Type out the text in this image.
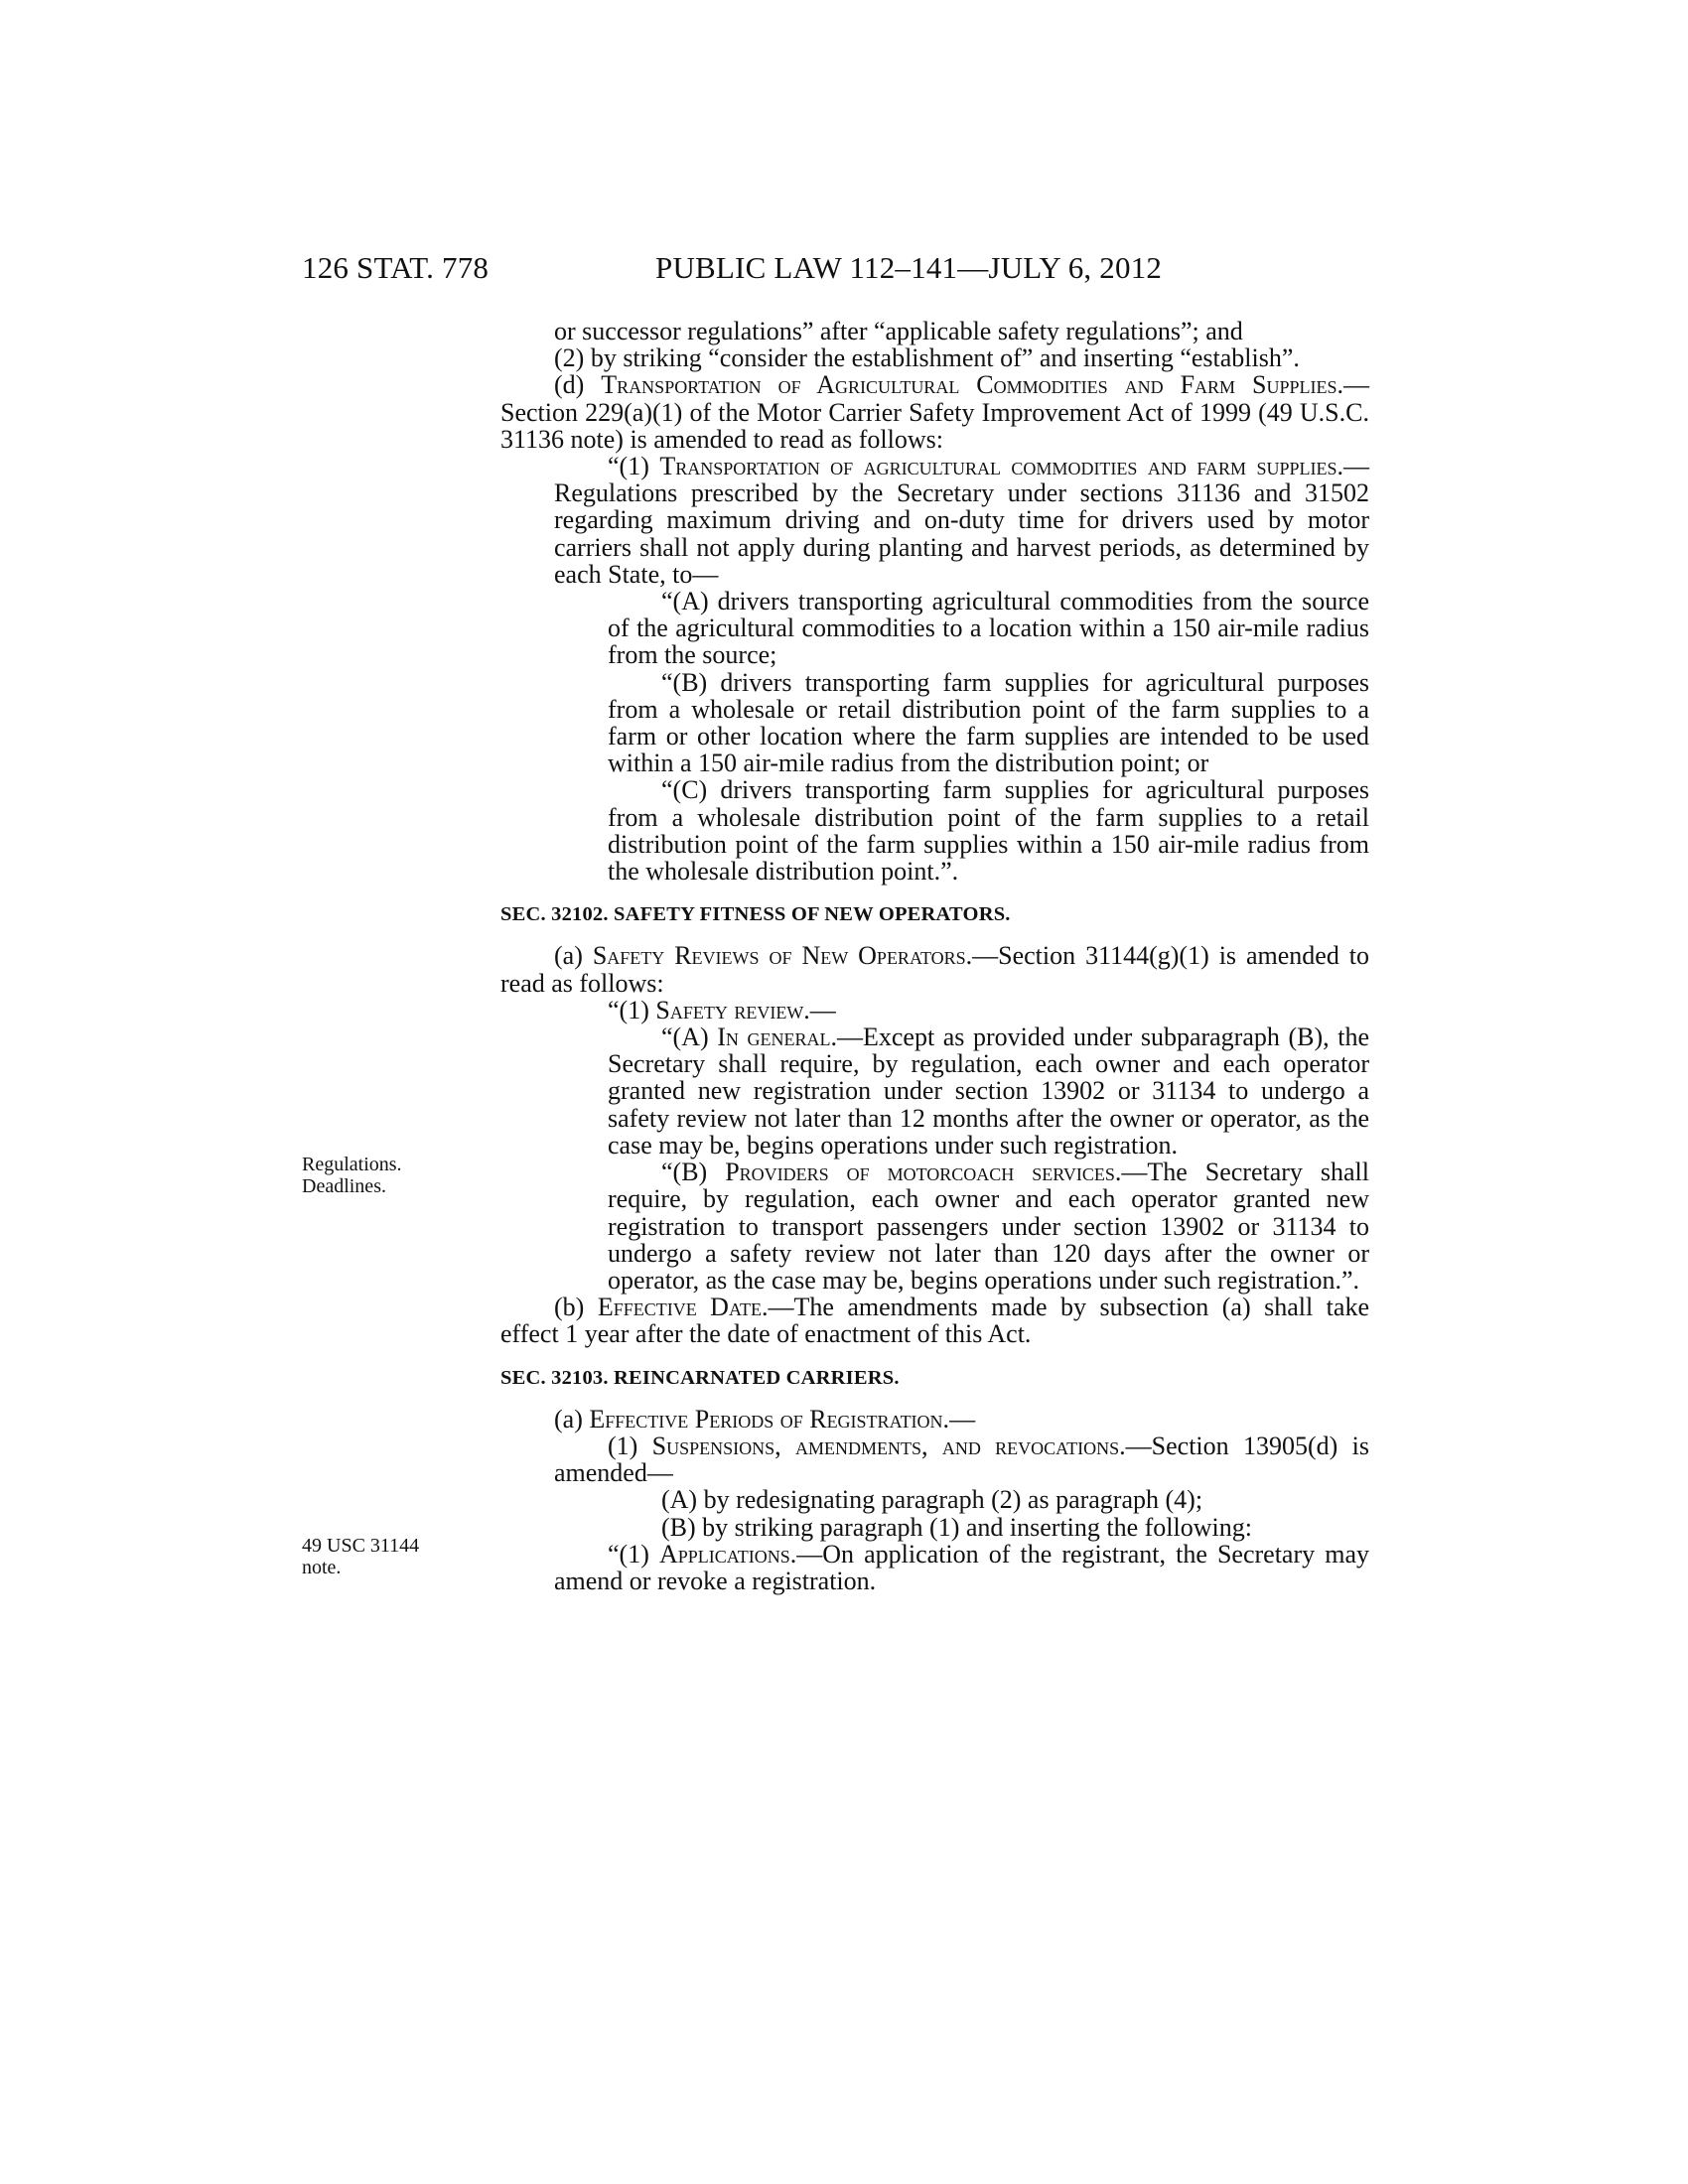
126 STAT. 778	PUBLIC LAW 112–141—JULY 6, 2012
Regulations.
Deadlines.
49 USC 31144
note.

or successor regulations” after “applicable safety regulations”; and

(2) by striking “consider the establishment of” and inserting “establish”.

(d) Transportation of Agricultural Commodities and Farm Supplies.—Section 229(a)(1) of the Motor Carrier Safety Improvement Act of 1999 (49 U.S.C. 31136 note) is amended to read as follows:

“(1) Transportation of agricultural commodities and farm supplies.—Regulations prescribed by the Secretary under sections 31136 and 31502 regarding maximum driving and on-duty time for drivers used by motor carriers shall not apply during planting and harvest periods, as determined by each State, to—

“(A) drivers transporting agricultural commodities from the source of the agricultural commodities to a location within a 150 air-mile radius from the source;

“(B) drivers transporting farm supplies for agricultural purposes from a wholesale or retail distribution point of the farm supplies to a farm or other location where the farm supplies are intended to be used within a 150 air-mile radius from the distribution point; or

“(C) drivers transporting farm supplies for agricultural purposes from a wholesale distribution point of the farm supplies to a retail distribution point of the farm supplies within a 150 air-mile radius from the wholesale distribution point.”.

SEC. 32102. SAFETY FITNESS OF NEW OPERATORS.

(a) Safety Reviews of New Operators.—Section 31144(g)(1) is amended to read as follows:

“(1) Safety review.—

“(A) In general.—Except as provided under subparagraph (B), the Secretary shall require, by regulation, each owner and each operator granted new registration under section 13902 or 31134 to undergo a safety review not later than 12 months after the owner or operator, as the case may be, begins operations under such registration.

“(B) Providers of motorcoach services.—The Secretary shall require, by regulation, each owner and each operator granted new registration to transport passengers under section 13902 or 31134 to undergo a safety review not later than 120 days after the owner or operator, as the case may be, begins operations under such registration.”.

(b) Effective Date.—The amendments made by subsection (a) shall take effect 1 year after the date of enactment of this Act.

SEC. 32103. REINCARNATED CARRIERS.

(a) Effective Periods of Registration.—

(1) Suspensions, amendments, and revocations.—Section 13905(d) is amended—

(A) by redesignating paragraph (2) as paragraph (4);

(B) by striking paragraph (1) and inserting the following:

“(1) Applications.—On application of the registrant, the Secretary may amend or revoke a registration.
